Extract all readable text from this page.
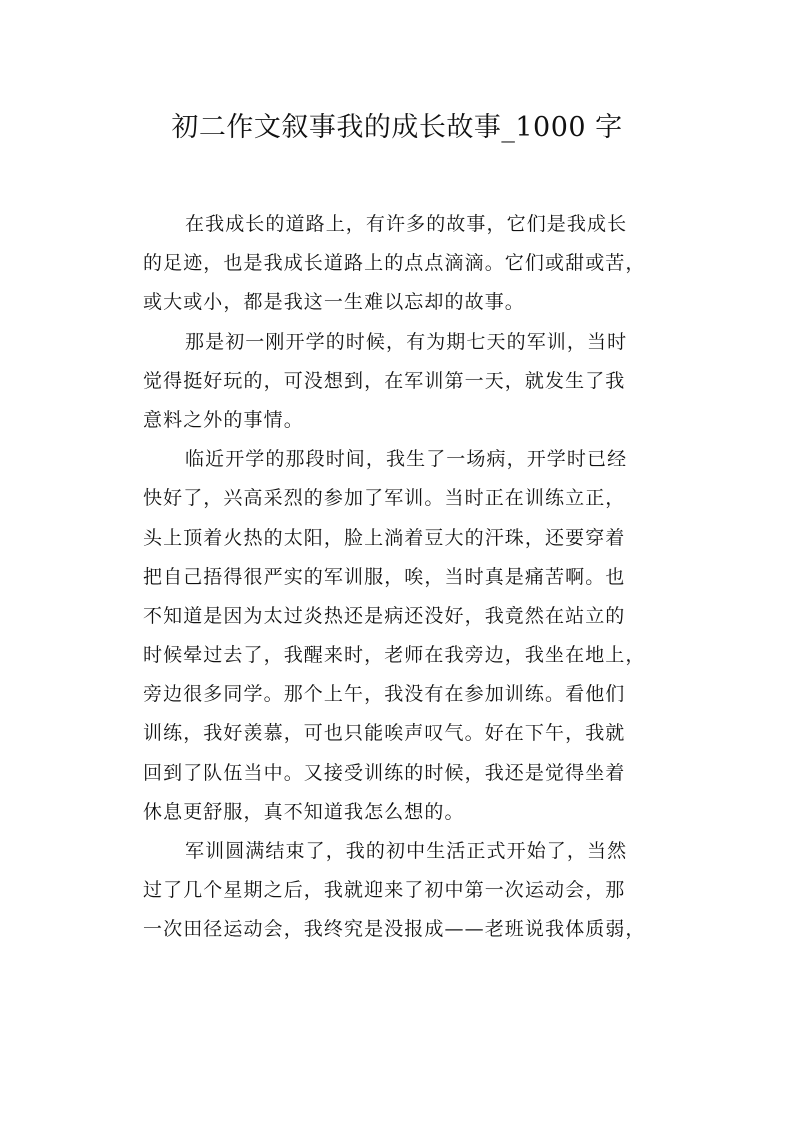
初二作文叙事我的成长故事_1000 字
在我成长的道路上，有许多的故事，它们是我成长
的足迹，也是我成长道路上的点点滴滴。它们或甜或苦，
或大或小，都是我这一生难以忘却的故事。
那是初一刚开学的时候，有为期七天的军训，当时
觉得挺好玩的，可没想到，在军训第一天，就发生了我
意料之外的事情。
临近开学的那段时间，我生了一场病，开学时已经
快好了，兴高采烈的参加了军训。当时正在训练立正，
头上顶着火热的太阳，脸上淌着豆大的汗珠，还要穿着
把自己捂得很严实的军训服，唉，当时真是痛苦啊。也
不知道是因为太过炎热还是病还没好，我竟然在站立的
时候晕过去了，我醒来时，老师在我旁边，我坐在地上，
旁边很多同学。那个上午，我没有在参加训练。看他们
训练，我好羡慕，可也只能唉声叹气。好在下午，我就
回到了队伍当中。又接受训练的时候，我还是觉得坐着
休息更舒服，真不知道我怎么想的。
军训圆满结束了，我的初中生活正式开始了，当然
过了几个星期之后，我就迎来了初中第一次运动会，那
一次田径运动会，我终究是没报成——老班说我体质弱，
